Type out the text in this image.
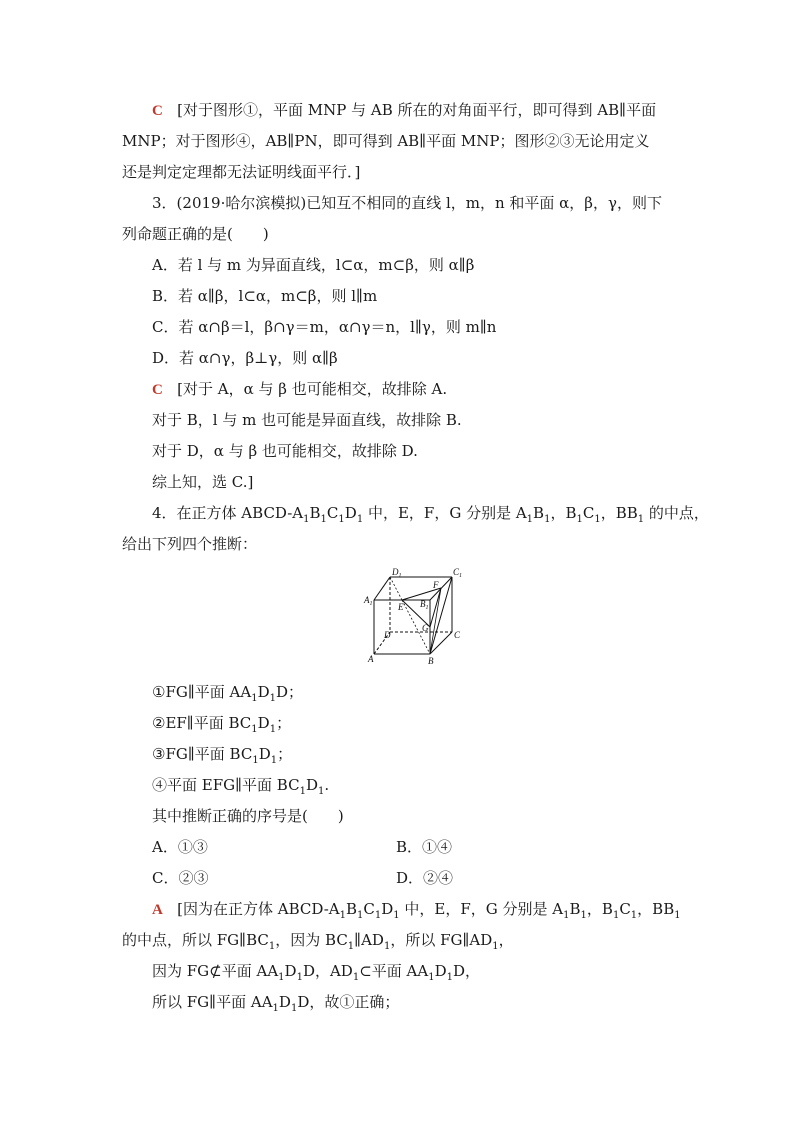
C [对于图形①，平面 MNP 与 AB 所在的对角面平行，即可得到 AB∥平面
MNP；对于图形④，AB∥PN，即可得到 AB∥平面 MNP；图形②③无论用定义
还是判定定理都无法证明线面平行．]
3．(2019·哈尔滨模拟)已知互不相同的直线 l，m，n 和平面 α，β，γ，则下
列命题正确的是(　　)
A．若 l 与 m 为异面直线，l⊂α，m⊂β，则 α∥β
B．若 α∥β，l⊂α，m⊂β，则 l∥m
C．若 α∩β＝l，β∩γ＝m，α∩γ＝n，l∥γ，则 m∥n
D．若 α∩γ，β⊥γ，则 α∥β
C [对于 A，α 与 β 也可能相交，故排除 A.
对于 B，l 与 m 也可能是异面直线，故排除 B.
对于 D，α 与 β 也可能相交，故排除 D.
综上知，选 C.]
4．在正方体 ABCD-$A_1B_1C_1D_1$ 中，E，F，G 分别是 $A_1B_1$，$B_1C_1$，$BB_1$ 的中点，
给出下列四个推断：
$D_1$	$C_1$
$A_1$	$B_1$
E
F
G
D	C
A	B
①FG∥平面 $AA_1D_1D$；
②EF∥平面 $BC_1D_1$；
③FG∥平面 $BC_1D_1$；
④平面 EFG∥平面 $BC_1D_1$.
其中推断正确的序号是(　　)
A．①③	B．①④
C．②③	D．②④
A [因为在正方体 ABCD-$A_1B_1C_1D_1$ 中，E，F，G 分别是 $A_1B_1$，$B_1C_1$，$BB_1$
的中点，所以 $FG\parallel BC_1$，因为 $BC_1\parallel AD_1$，所以 $FG\parallel AD_1$，
因为 FG⊄平面 $AA_1D_1D$，$AD_1\subset$平面 $AA_1D_1D$，
所以 FG∥平面 $AA_1D_1D$，故①正确；
